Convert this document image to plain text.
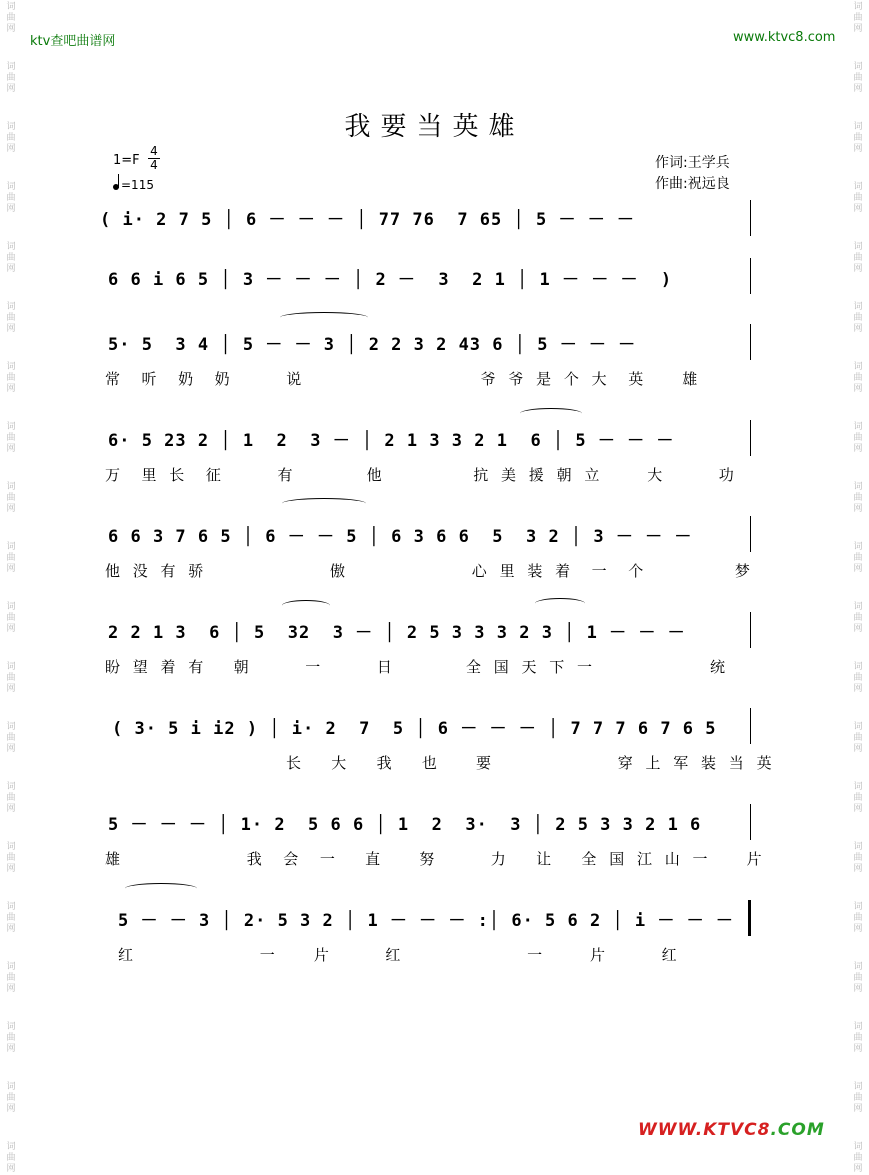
词
曲
网
词
曲
网
词
曲
网
词
曲
网
词
曲
网
词
曲
网
词
曲
网
词
曲
网
词
曲
网
词
曲
网
词
曲
网
词
曲
网
词
曲
网
词
曲
网
词
曲
网
词
曲
网
词
曲
网
词
曲
网
词
曲
网
词
曲
网
词
曲
网
词
曲
网
词
曲
网
词
曲
网
词
曲
网
词
曲
网
词
曲
网
词
曲
网
词
曲
网
词
曲
网
词
曲
网
词
曲
网
词
曲
网
词
曲
网
词
曲
网
词
曲
网
词
曲
网
词
曲
网
词
曲
网
词
曲
网
ktv查吧曲谱网	www.ktvc8.com
我要当英雄
1=F
4
4
=115
作词:王学兵
作曲:祝远良
( i· 2 7 5 │ 6 － － － │ 77 76  7 65 │ 5 － － －
6 6 i 6 5 │ 3 － － － │ 2 －  3  2 1 │ 1 － － －  )
5· 5  3 4 │ 5 － － 3 │ 2 2 3 2 43 6 │ 5 － － －
常  听  奶  奶      说                    爷 爷 是 个 大  英    雄
6· 5 23 2 │ 1  2  3 － │ 2 1 3 3 2 1  6 │ 5 － － －
万  里 长  征      有        他          抗 美 援 朝 立     大      功
6 6 3 7 6 5 │ 6 － － 5 │ 6 3 6 6  5  3 2 │ 3 － － －
他 没 有 骄              傲              心 里 装 着  一  个          梦
2 2 1 3  6 │ 5  32  3 － │ 2 5 3 3 3 2 3 │ 1 － － －
盼 望 着 有   朝      一      日        全 国 天 下 一             统
( 3· 5 i i2 ) │ i· 2  7  5 │ 6 － － － │ 7 7 7 6 7 6 5
长   大   我   也    要              穿 上 军 装 当 英
5 － － － │ 1· 2  5 6 6 │ 1  2  3·  3 │ 2 5 3 3 2 1 6
雄              我  会  一   直    努      力   让   全 国 江 山 一    片
5 － － 3 │ 2· 5 3 2 │ 1 － － － :│ 6· 5 6 2 │ i － － －
红              一    片      红              一     片      红
WWW.KTVC8.COM
